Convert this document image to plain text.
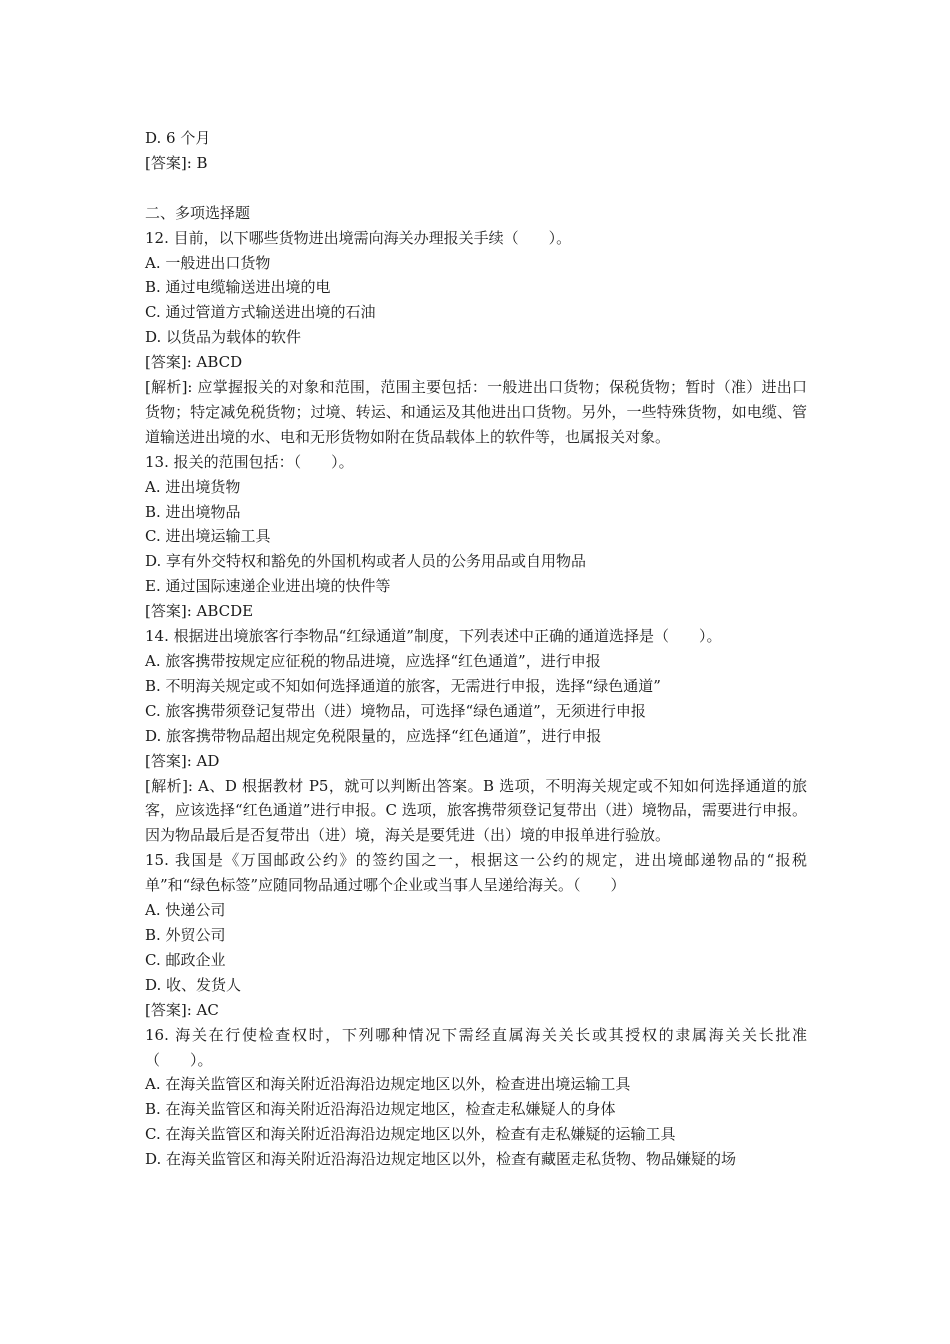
D. 6 个月
[答案]: B
二、多项选择题
12. 目前，以下哪些货物进出境需向海关办理报关手续（　　）。
A. 一般进出口货物
B. 通过电缆输送进出境的电
C. 通过管道方式输送进出境的石油
D. 以货品为载体的软件
[答案]: ABCD
[解析]: 应掌握报关的对象和范围，范围主要包括：一般进出口货物；保税货物；暂时（准）进出口货物；特定减免税货物；过境、转运、和通运及其他进出口货物。另外，一些特殊货物，如电缆、管道输送进出境的水、电和无形货物如附在货品载体上的软件等，也属报关对象。
13. 报关的范围包括：（　　）。
A. 进出境货物
B. 进出境物品
C. 进出境运输工具
D. 享有外交特权和豁免的外国机构或者人员的公务用品或自用物品
E. 通过国际速递企业进出境的快件等
[答案]: ABCDE
14. 根据进出境旅客行李物品“红绿通道”制度，下列表述中正确的通道选择是（　　）。
A. 旅客携带按规定应征税的物品进境，应选择“红色通道”，进行申报
B. 不明海关规定或不知如何选择通道的旅客，无需进行申报，选择“绿色通道”
C. 旅客携带须登记复带出（进）境物品，可选择“绿色通道”，无须进行申报
D. 旅客携带物品超出规定免税限量的，应选择“红色通道”，进行申报
[答案]: AD
[解析]: A、D 根据教材 P5，就可以判断出答案。B 选项，不明海关规定或不知如何选择通道的旅客，应该选择“红色通道”进行申报。C 选项，旅客携带须登记复带出（进）境物品，需要进行申报。因为物品最后是否复带出（进）境，海关是要凭进（出）境的申报单进行验放。
15. 我国是《万国邮政公约》的签约国之一，根据这一公约的规定，进出境邮递物品的“报税单”和“绿色标签”应随同物品通过哪个企业或当事人呈递给海关。（　　）
A. 快递公司
B. 外贸公司
C. 邮政企业
D. 收、发货人
[答案]: AC
16. 海关在行使检查权时，下列哪种情况下需经直属海关关长或其授权的隶属海关关长批准（　　）。
A. 在海关监管区和海关附近沿海沿边规定地区以外，检查进出境运输工具
B. 在海关监管区和海关附近沿海沿边规定地区，检查走私嫌疑人的身体
C. 在海关监管区和海关附近沿海沿边规定地区以外，检查有走私嫌疑的运输工具
D. 在海关监管区和海关附近沿海沿边规定地区以外，检查有藏匿走私货物、物品嫌疑的场
